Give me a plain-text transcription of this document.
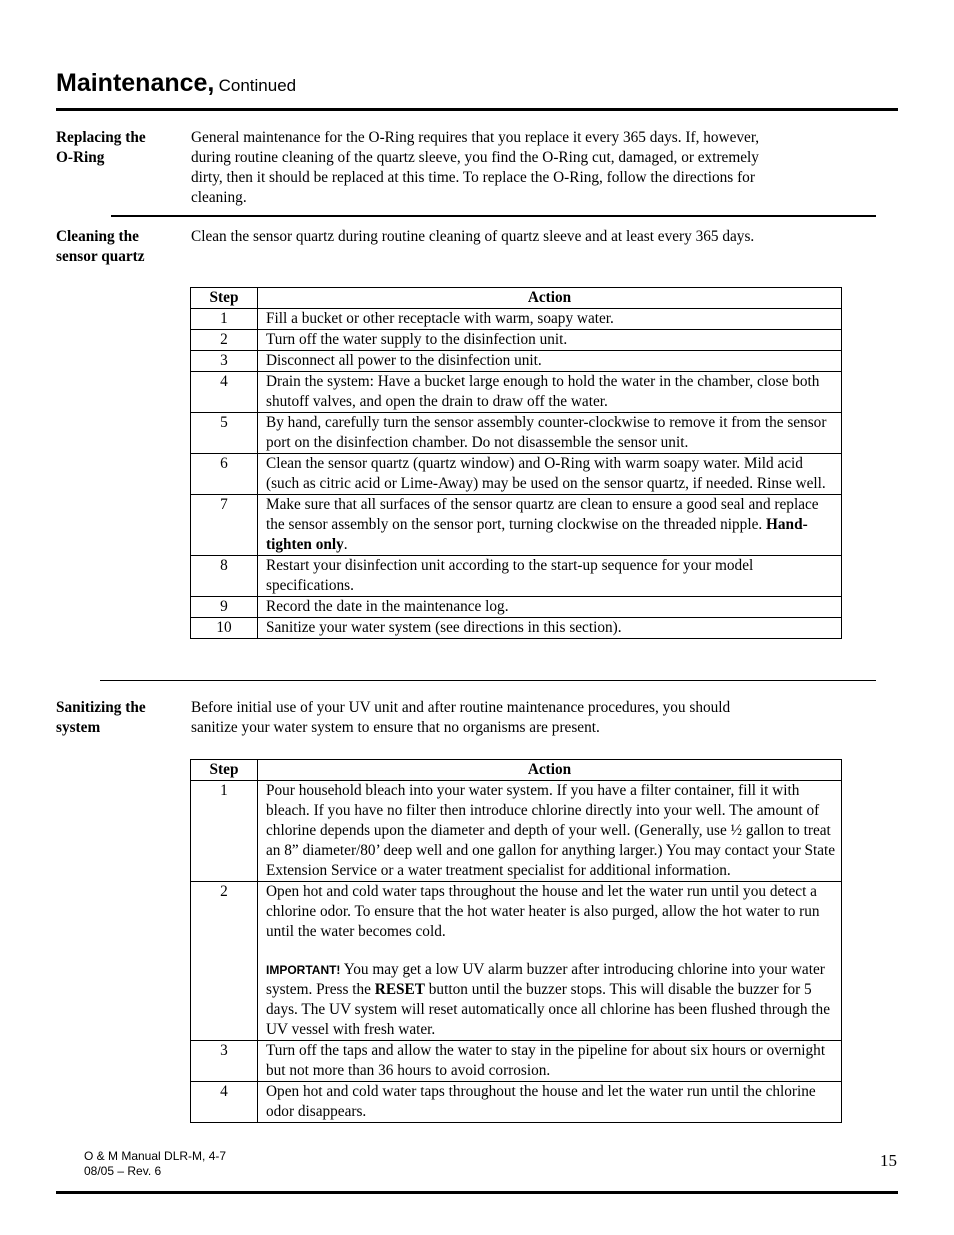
Maintenance, Continued
Replacing the
O-Ring
General maintenance for the O-Ring requires that you replace it every 365 days. If, however, during routine cleaning of the quartz sleeve, you find the O-Ring cut, damaged, or extremely dirty, then it should be replaced at this time. To replace the O-Ring, follow the directions for cleaning.
Cleaning the
sensor quartz
Clean the sensor quartz during routine cleaning of quartz sleeve and at least every 365 days.
Step	Action
1	Fill a bucket or other receptacle with warm, soapy water.
2	Turn off the water supply to the disinfection unit.
3	Disconnect all power to the disinfection unit.
4	Drain the system: Have a bucket large enough to hold the water in the chamber, close both shutoff valves, and open the drain to draw off the water.
5	By hand, carefully turn the sensor assembly counter-clockwise to remove it from the sensor port on the disinfection chamber. Do not disassemble the sensor unit.
6	Clean the sensor quartz (quartz window) and O-Ring with warm soapy water. Mild acid (such as citric acid or Lime-Away) may be used on the sensor quartz, if needed. Rinse well.
7	Make sure that all surfaces of the sensor quartz are clean to ensure a good seal and replace the sensor assembly on the sensor port, turning clockwise on the threaded nipple. Hand-tighten only.
8	Restart your disinfection unit according to the start-up sequence for your model specifications.
9	Record the date in the maintenance log.
10	Sanitize your water system (see directions in this section).
Sanitizing the
system
Before initial use of your UV unit and after routine maintenance procedures, you should sanitize your water system to ensure that no organisms are present.
Step	Action
1	Pour household bleach into your water system. If you have a filter container, fill it with bleach. If you have no filter then introduce chlorine directly into your well. The amount of chlorine depends upon the diameter and depth of your well. (Generally, use ½ gallon to treat an 8” diameter/80’ deep well and one gallon for anything larger.) You may contact your State Extension Service or a water treatment specialist for additional information.
2	Open hot and cold water taps throughout the house and let the water run until you detect a chlorine odor. To ensure that the hot water heater is also purged, allow the hot water to run until the water becomes cold.
IMPORTANT! You may get a low UV alarm buzzer after introducing chlorine into your water system. Press the RESET button until the buzzer stops. This will disable the buzzer for 5 days. The UV system will reset automatically once all chlorine has been flushed through the UV vessel with fresh water.

3	Turn off the taps and allow the water to stay in the pipeline for about six hours or overnight but not more than 36 hours to avoid corrosion.
4	Open hot and cold water taps throughout the house and let the water run until the chlorine odor disappears.
O & M Manual DLR-M, 4-7
08/05 – Rev. 6
15
